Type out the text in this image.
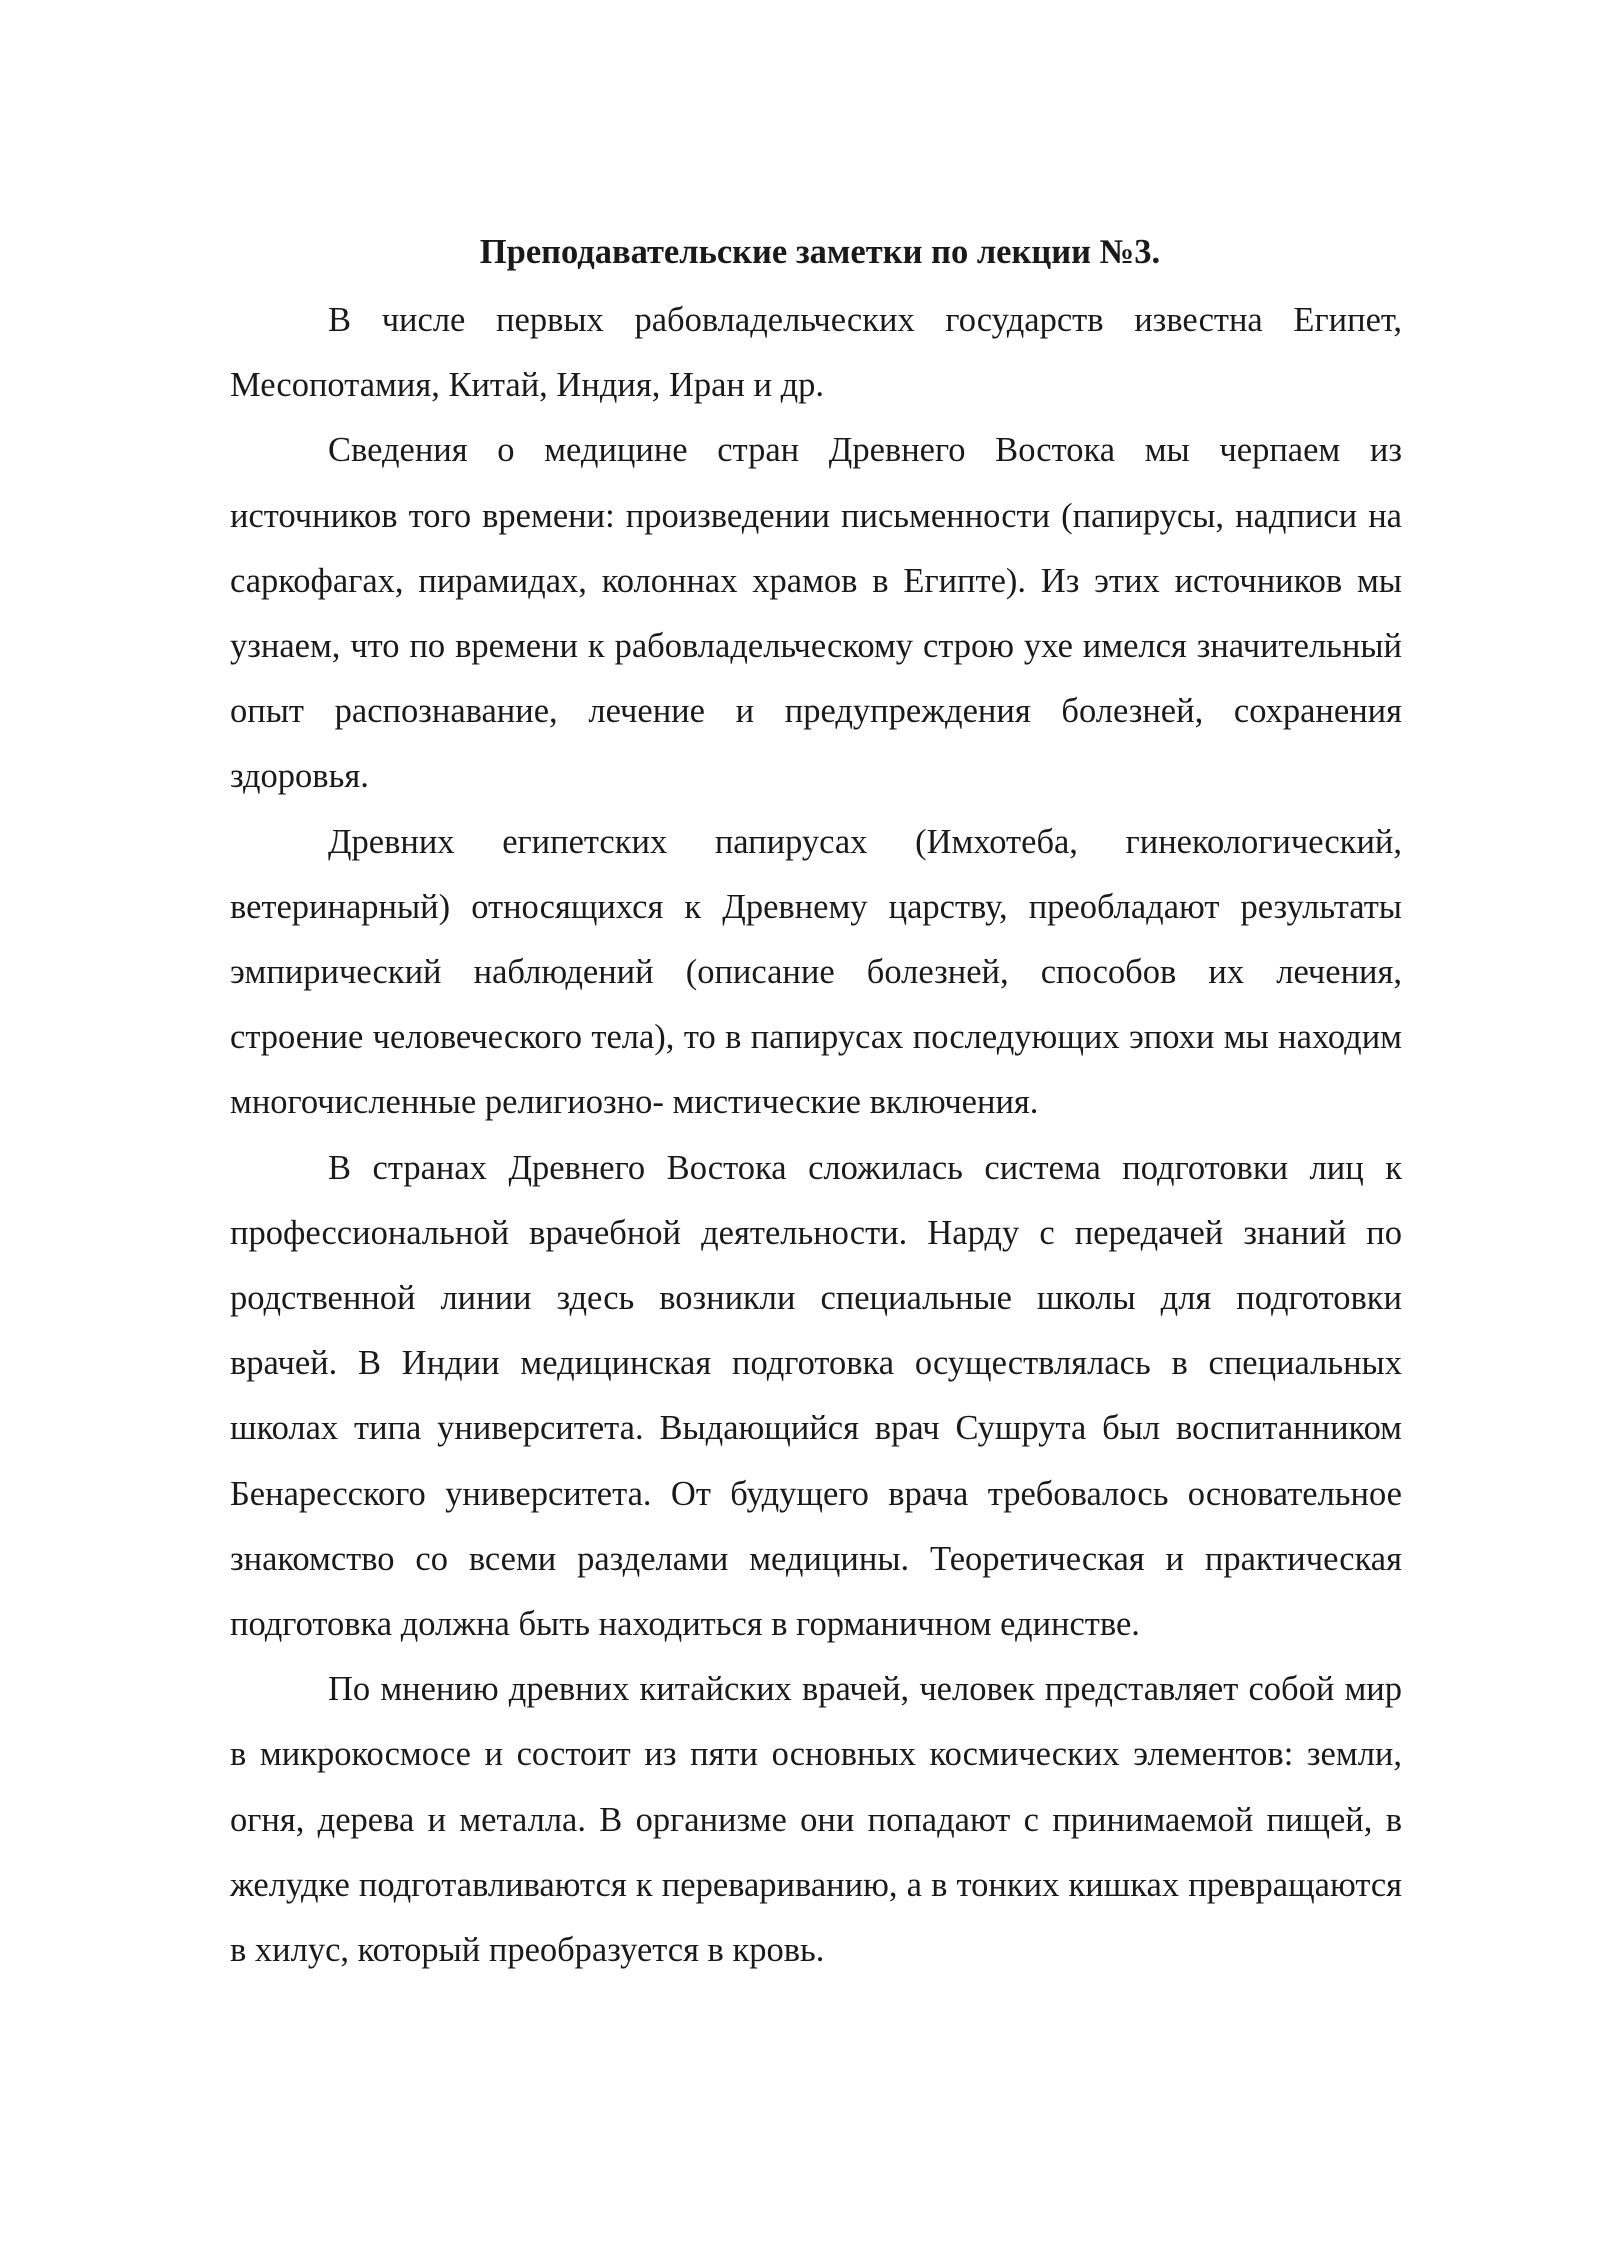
Преподавательские заметки по лекции №3.

В числе первых рабовладельческих государств известна Египет, Месопотамия, Китай, Индия, Иран и др.

Сведения о медицине стран Древнего Востока мы черпаем из источников того времени: произведении письменности (папирусы, надписи на саркофагах, пирамидах, колоннах храмов в Египте). Из этих источников мы узнаем, что по времени к рабовладельческому строю ухе имелся значительный опыт распознавание, лечение и предупреждения болезней, сохранения здоровья.

Древних египетских папирусах (Имхотеба, гинекологический, ветеринарный) относящихся к Древнему царству, преобладают результаты эмпирический наблюдений (описание болезней, способов их лечения, строение человеческого тела), то в папирусах последующих эпохи мы находим многочисленные религиозно- мистические включения.

В странах Древнего Востока сложилась система подготовки лиц к профессиональной врачебной деятельности. Нарду с передачей знаний по родственной линии здесь возникли специальные школы для подготовки врачей. В Индии медицинская подготовка осуществлялась в специальных школах типа университета. Выдающийся врач Сушрута был воспитанником Бенаресского университета. От будущего врача требовалось основательное знакомство со всеми разделами медицины. Теоретическая и практическая подготовка должна быть находиться в горманичном единстве.

По мнению древних китайских врачей, человек представляет собой мир в микрокосмосе и состоит из пяти основных космических элементов: земли, огня, дерева и металла. В организме они попадают с принимаемой пищей, в желудке подготавливаются к перевариванию, а в тонких кишках превращаются в хилус, который преобразуется в кровь.
